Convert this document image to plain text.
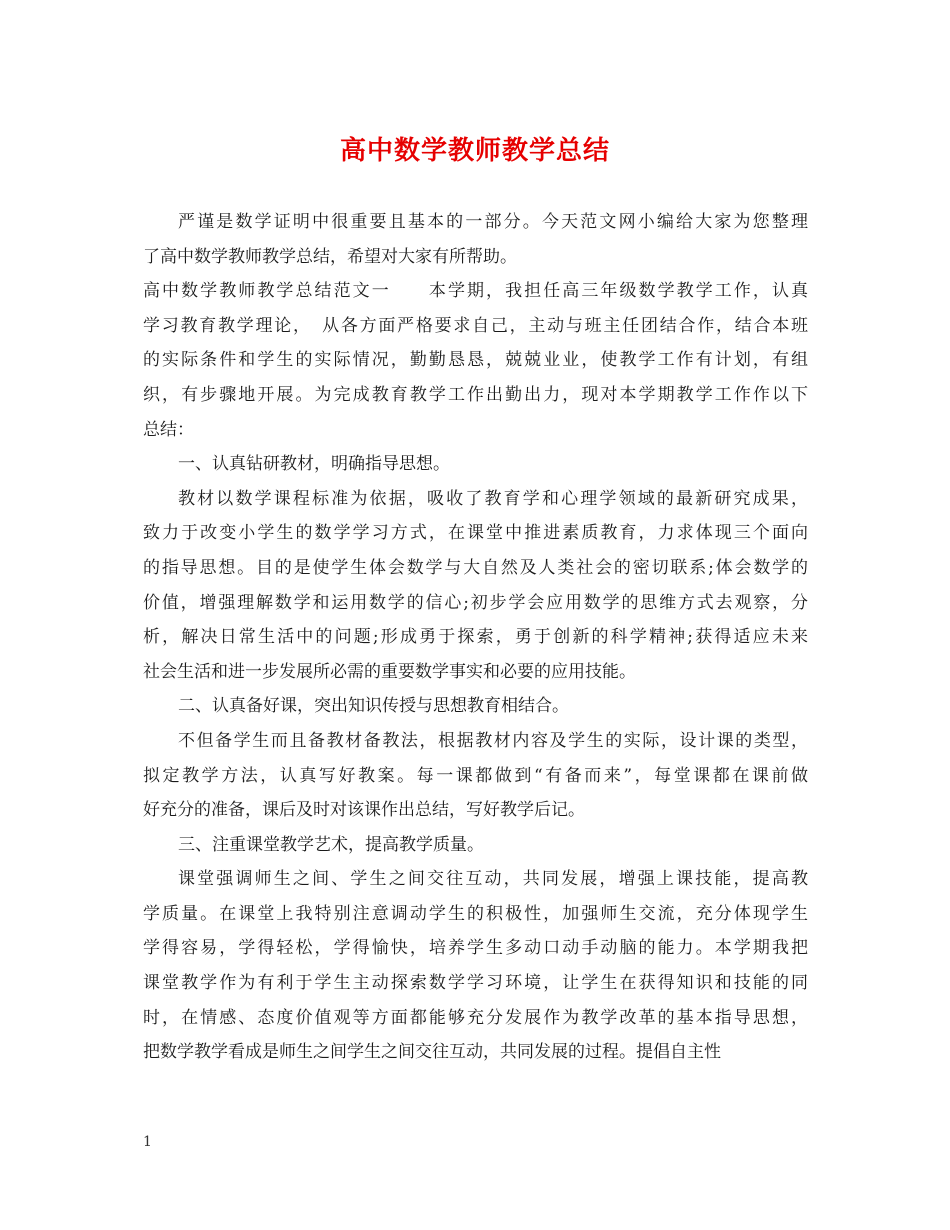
高中数学教师教学总结
严谨是数学证明中很重要且基本的一部分。今天范文网小编给大家为您整理
了高中数学教师教学总结，希望对大家有所帮助。
高中数学教师教学总结范文一　　本学期，我担任高三年级数学教学工作，认真
学习教育教学理论，　从各方面严格要求自己，主动与班主任团结合作，结合本班
的实际条件和学生的实际情况，勤勤恳恳，兢兢业业，使教学工作有计划，有组
织，有步骤地开展。为完成教育教学工作出勤出力，现对本学期教学工作作以下
总结：
一、认真钻研教材，明确指导思想。
教材以数学课程标准为依据，吸收了教育学和心理学领域的最新研究成果，
致力于改变小学生的数学学习方式，在课堂中推进素质教育，力求体现三个面向
的指导思想。目的是使学生体会数学与大自然及人类社会的密切联系;体会数学的
价值，增强理解数学和运用数学的信心;初步学会应用数学的思维方式去观察，分
析，解决日常生活中的问题;形成勇于探索，勇于创新的科学精神;获得适应未来
社会生活和进一步发展所必需的重要数学事实和必要的应用技能。
二、认真备好课，突出知识传授与思想教育相结合。
不但备学生而且备教材备教法，根据教材内容及学生的实际，设计课的类型，
拟定教学方法，认真写好教案。每一课都做到“有备而来”，每堂课都在课前做
好充分的准备，课后及时对该课作出总结，写好教学后记。
三、注重课堂教学艺术，提高教学质量。
课堂强调师生之间、学生之间交往互动，共同发展，增强上课技能，提高教
学质量。在课堂上我特别注意调动学生的积极性，加强师生交流，充分体现学生
学得容易，学得轻松，学得愉快，培养学生多动口动手动脑的能力。本学期我把
课堂教学作为有利于学生主动探索数学学习环境，让学生在获得知识和技能的同
时，在情感、态度价值观等方面都能够充分发展作为教学改革的基本指导思想，
把数学教学看成是师生之间学生之间交往互动，共同发展的过程。提倡自主性
1
